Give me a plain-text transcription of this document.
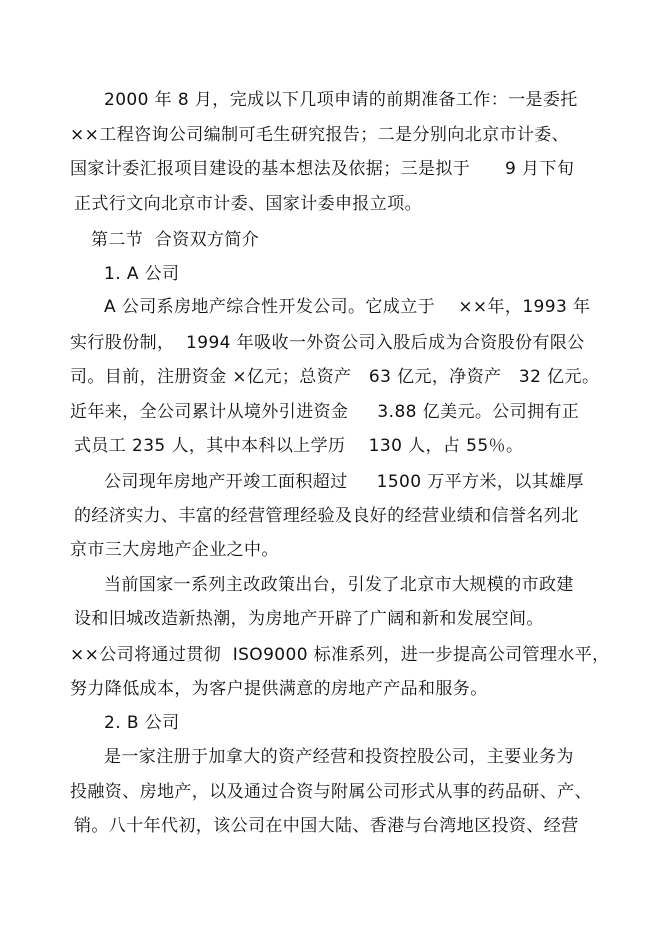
2000 年 8 月，完成以下几项申请的前期准备工作：一是委托
××工程咨询公司编制可毛生研究报告；二是分别向北京市计委、
国家计委汇报项目建设的基本想法及依据；三是拟于      9 月下旬
正式行文向北京市计委、国家计委申报立项。
第二节  合资双方简介
1. A 公司
A 公司系房地产综合性开发公司。它成立于    ××年，1993 年
实行股份制，  1994 年吸收一外资公司入股后成为合资股份有限公
司。目前，注册资金 ×亿元；总资产   63 亿元，净资产   32 亿元。
近年来，全公司累计从境外引进资金     3.88 亿美元。公司拥有正
式员工 235 人，其中本科以上学历    130 人，占 55％。
公司现年房地产开竣工面积超过     1500 万平方米，以其雄厚
的经济实力、丰富的经营管理经验及良好的经营业绩和信誉名列北
京市三大房地产企业之中。
当前国家一系列主改政策出台，引发了北京市大规模的市政建
设和旧城改造新热潮，为房地产开辟了广阔和新和发展空间。
××公司将通过贯彻  ISO9000 标准系列，进一步提高公司管理水平，
努力降低成本，为客户提供满意的房地产产品和服务。
2. B 公司
是一家注册于加拿大的资产经营和投资控股公司，主要业务为
投融资、房地产，以及通过合资与附属公司形式从事的药品研、产、
销。八十年代初，该公司在中国大陆、香港与台湾地区投资、经营
